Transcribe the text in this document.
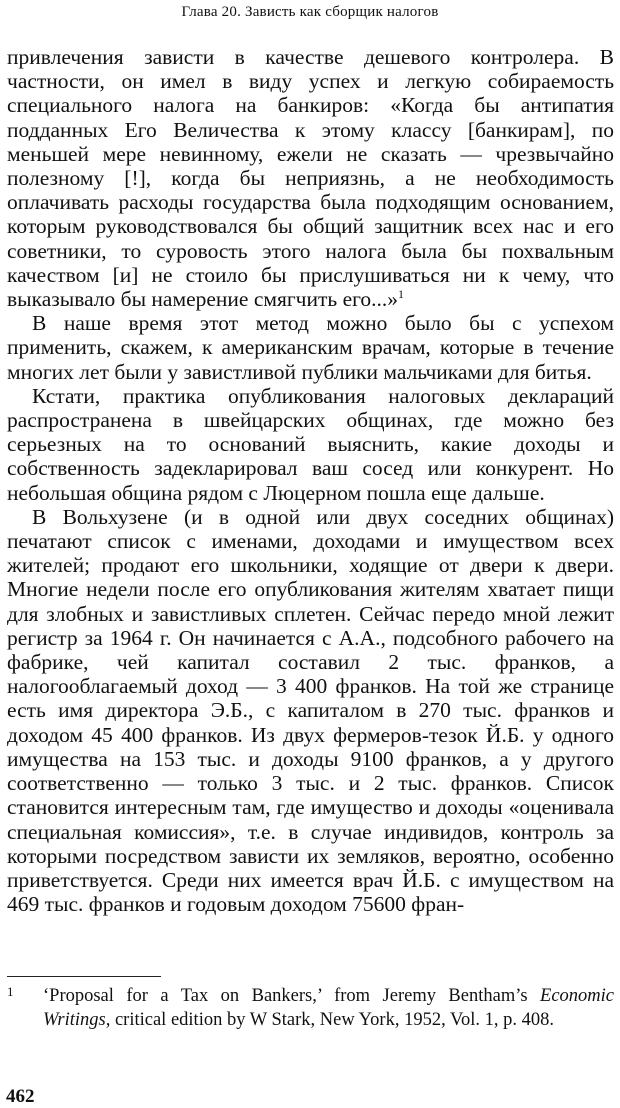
Глава 20. Зависть как сборщик налогов

привлечения зависти в качестве дешевого контролера. В частности, он имел в виду успех и легкую собираемость специального налога на банкиров: «Когда бы антипатия подданных Его Величества к этому классу [банкирам], по меньшей мере невинному, ежели не сказать — чрезвычайно полезному [!], когда бы неприязнь, а не необходимость оплачивать расходы государства была подходящим основанием, которым руководствовался бы общий защитник всех нас и его советники, то суровость этого налога была бы похвальным качеством [и] не стоило бы прислушиваться ни к чему, что выказывало бы намерение смягчить его...»$^1$

В наше время этот метод можно было бы с успехом применить, скажем, к американским врачам, которые в течение многих лет были у завистливой публики мальчиками для битья.

Кстати, практика опубликования налоговых деклараций распространена в швейцарских общинах, где можно без серьезных на то оснований выяснить, какие доходы и собственность задекларировал ваш сосед или конкурент. Но небольшая община рядом с Люцерном пошла еще дальше.

В Вольхузене (и в одной или двух соседних общинах) печатают список с именами, доходами и имуществом всех жителей; продают его школьники, ходящие от двери к двери. Многие недели после его опубликования жителям хватает пищи для злобных и завистливых сплетен. Сейчас передо мной лежит регистр за 1964 г. Он начинается с А.А., подсобного рабочего на фабрике, чей капитал составил 2 тыс. франков, а налогооблагаемый доход — 3 400 франков. На той же странице есть имя директора Э.Б., с капиталом в 270 тыс. франков и доходом 45 400 франков. Из двух фермеров-тезок Й.Б. у одного имущества на 153 тыс. и доходы 9100 франков, а у другого соответственно — только 3 тыс. и 2 тыс. франков. Список становится интересным там, где имущество и доходы «оценивала специальная комиссия», т.е. в случае индивидов, контроль за которыми посредством зависти их земляков, вероятно, особенно приветствуется. Среди них имеется врач Й.Б. с имуществом на 469 тыс. франков и годовым доходом 75600 фран-

1 ‘Proposal for a Tax on Bankers,’ from Jeremy Bentham’s Economic Writings, critical edition by W Stark, New York, 1952, Vol. 1, p. 408.
462
